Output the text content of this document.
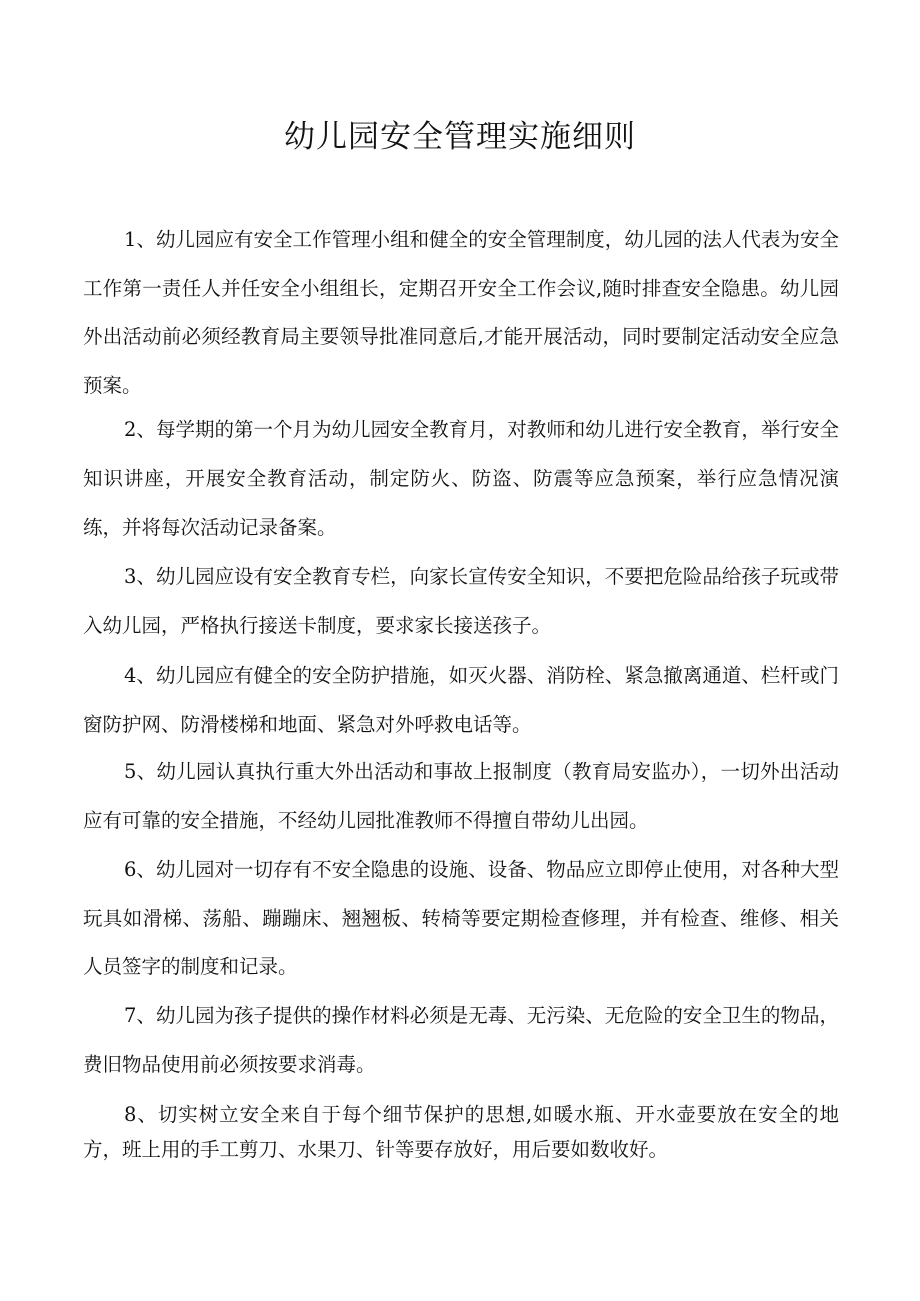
幼儿园安全管理实施细则

1、幼儿园应有安全工作管理小组和健全的安全管理制度，幼儿园的法人代表为安全工作第一责任人并任安全小组组长，定期召开安全工作会议,随时排查安全隐患。幼儿园外出活动前必须经教育局主要领导批准同意后,才能开展活动，同时要制定活动安全应急预案。

2、每学期的第一个月为幼儿园安全教育月，对教师和幼儿进行安全教育，举行安全知识讲座，开展安全教育活动，制定防火、防盗、防震等应急预案，举行应急情况演练，并将每次活动记录备案。

3、幼儿园应设有安全教育专栏，向家长宣传安全知识，不要把危险品给孩子玩或带入幼儿园，严格执行接送卡制度，要求家长接送孩子。

4、幼儿园应有健全的安全防护措施，如灭火器、消防栓、紧急撤离通道、栏杆或门窗防护网、防滑楼梯和地面、紧急对外呼救电话等。

5、幼儿园认真执行重大外出活动和事故上报制度（教育局安监办），一切外出活动应有可靠的安全措施，不经幼儿园批准教师不得擅自带幼儿出园。

6、幼儿园对一切存有不安全隐患的设施、设备、物品应立即停止使用，对各种大型玩具如滑梯、荡船、蹦蹦床、翘翘板、转椅等要定期检查修理，并有检查、维修、相关人员签字的制度和记录。

7、幼儿园为孩子提供的操作材料必须是无毒、无污染、无危险的安全卫生的物品，费旧物品使用前必须按要求消毒。

8、切实树立安全来自于每个细节保护的思想,如暖水瓶、开水壶要放在安全的地方，班上用的手工剪刀、水果刀、针等要存放好，用后要如数收好。
